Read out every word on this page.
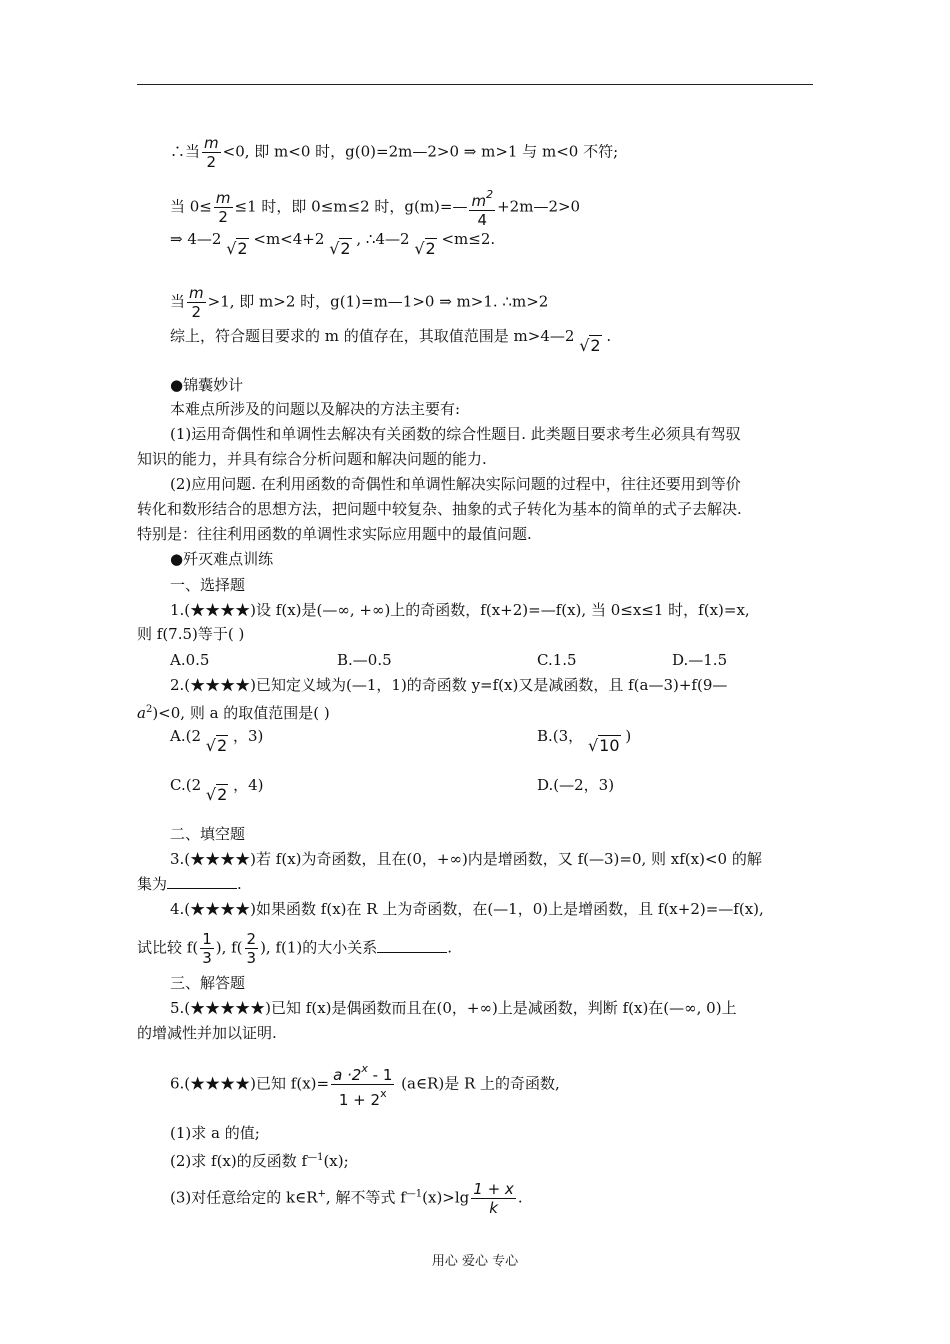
∴当 $\frac{m}{2} <0$, 即 m<0 时，g(0)=2m—2>0 ⇒ m>1 与 m<0 不符;
当 $0\le \frac{m}{2} \le 1$ 时，即 0≤m≤2 时，g(m)=— $\frac{m^2}{4}$ +2m—2>0
⇒ 4—2 √2 <m<4+2 √2 , ∴4—2 √2 <m≤2.
当 $\frac{m}{2} >1$, 即 m>2 时，g(1)=m—1>0 ⇒ m>1. ∴m>2
综上，符合题目要求的 m 的值存在，其取值范围是 m>4—2 √2 .
●锦囊妙计
本难点所涉及的问题以及解决的方法主要有:
(1)运用奇偶性和单调性去解决有关函数的综合性题目. 此类题目要求考生必须具有驾驭
知识的能力，并具有综合分析问题和解决问题的能力.
(2)应用问题. 在利用函数的奇偶性和单调性解决实际问题的过程中，往往还要用到等价
转化和数形结合的思想方法，把问题中较复杂、抽象的式子转化为基本的简单的式子去解决.
特别是：往往利用函数的单调性求实际应用题中的最值问题.
●歼灭难点训练
一、选择题
1.(★★★★)设 f(x)是(—∞, +∞)上的奇函数，f(x+2)=—f(x), 当 0≤x≤1 时，f(x)=x,
则 f(7.5)等于( )
A.0.5	B.—0.5	C.1.5	D.—1.5
2.(★★★★)已知定义域为(—1，1)的奇函数 y=f(x)又是减函数，且 f(a—3)+f(9—
$a^2)<0$, 则 a 的取值范围是( )
A.(2 √2 ，3)	B.(3， √10 )
C.(2 √2 ，4)	D.(—2，3)
二、填空题
3.(★★★★)若 f(x)为奇函数，且在(0，+∞)内是增函数，又 f(—3)=0, 则 xf(x)<0 的解
集为	.
4.(★★★★)如果函数 f(x)在 R 上为奇函数，在(—1，0)上是增函数，且 f(x+2)=—f(x),
试比较 $f( \frac{1}{3}$ ), $f( \frac{2}{3}$ ), f(1)的大小关系	.
三、解答题
5.(★★★★★)已知 f(x)是偶函数而且在(0，+∞)上是减函数，判断 f(x)在(—∞, 0)上
的增减性并加以证明.
6.(★★★★)已知 $f(x)= \frac{a \cdot 2^x - 1}{1 + 2^x}$ (a∈R)是 R 上的奇函数,
(1)求 a 的值;
(2)求 f(x)的反函数 $f^{—1}(x)$;
(3)对任意给定的 k∈R+, 解不等式 $f^{—1}(x)>\lg \frac{1 + x}{k}$ .
用心 爱心 专心
